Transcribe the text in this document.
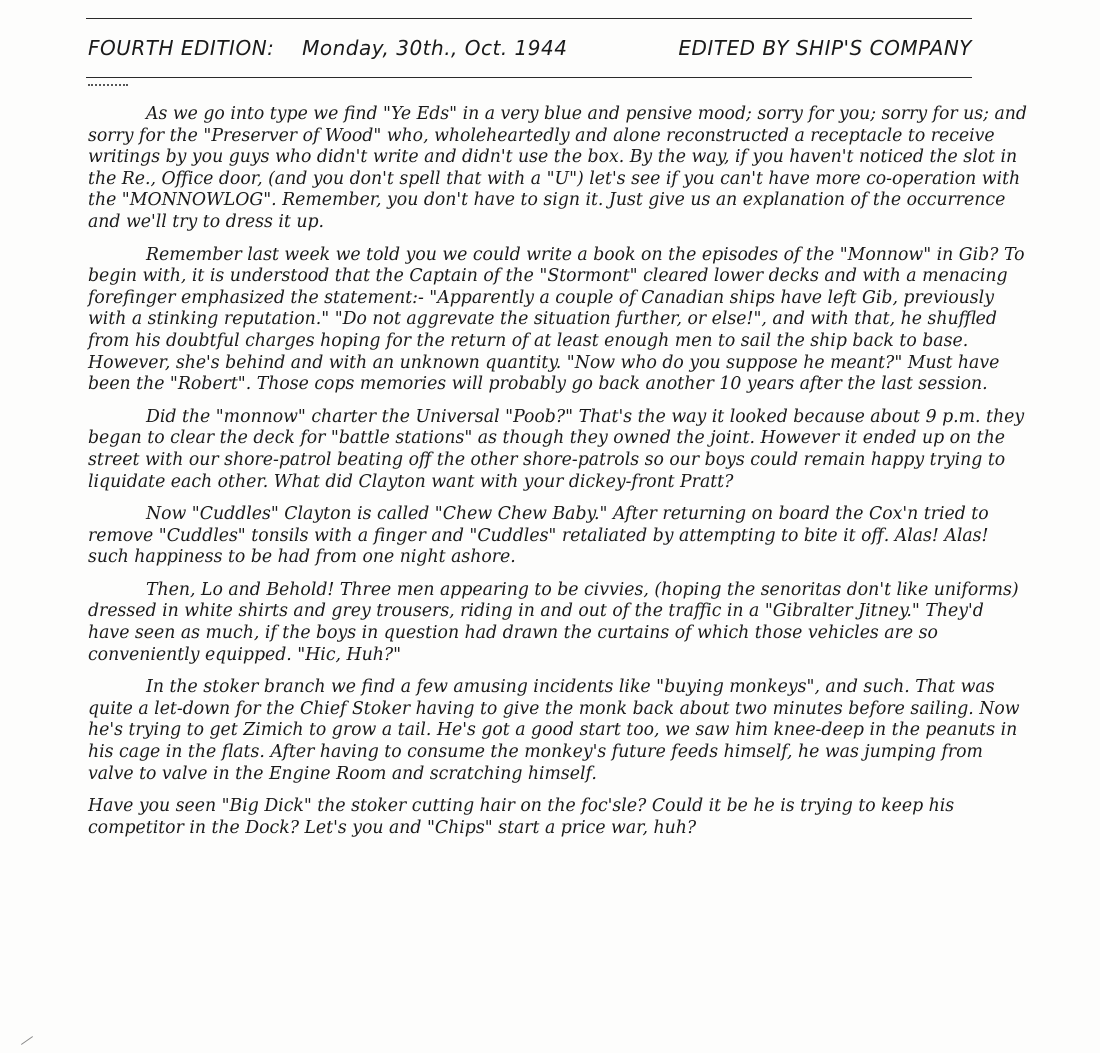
FOURTH EDITION: Monday, 30th., Oct. 1944	EDITED BY SHIP'S COMPANY

As we go into type we find "Ye Eds" in a very blue and pensive mood; sorry for you; sorry for us; and sorry for the "Preserver of Wood" who, wholeheartedly and alone reconstructed a receptacle to receive writings by you guys who didn't write and didn't use the box. By the way, if you haven't noticed the slot in the Re., Office door, (and you don't spell that with a "U") let's see if you can't have more co-operation with the "MONNOWLOG". Remember, you don't have to sign it. Just give us an explanation of the occurrence and we'll try to dress it up.

Remember last week we told you we could write a book on the episodes of the "Monnow" in Gib? To begin with, it is understood that the Captain of the "Stormont" cleared lower decks and with a menacing forefinger emphasized the statement:- "Apparently a couple of Canadian ships have left Gib, previously with a stinking reputation." "Do not aggrevate the situation further, or else!", and with that, he shuffled from his doubtful charges hoping for the return of at least enough men to sail the ship back to base. However, she's behind and with an unknown quantity. "Now who do you suppose he meant?" Must have been the "Robert". Those cops memories will probably go back another 10 years after the last session.

Did the "monnow" charter the Universal "Poob?" That's the way it looked because about 9 p.m. they began to clear the deck for "battle stations" as though they owned the joint. However it ended up on the street with our shore-patrol beating off the other shore-patrols so our boys could remain happy trying to liquidate each other. What did Clayton want with your dickey-front Pratt?

Now "Cuddles" Clayton is called "Chew Chew Baby." After returning on board the Cox'n tried to remove "Cuddles" tonsils with a finger and "Cuddles" retaliated by attempting to bite it off. Alas! Alas! such happiness to be had from one night ashore.

Then, Lo and Behold! Three men appearing to be civvies, (hoping the senoritas don't like uniforms) dressed in white shirts and grey trousers, riding in and out of the traffic in a "Gibralter Jitney." They'd have seen as much, if the boys in question had drawn the curtains of which those vehicles are so conveniently equipped. "Hic, Huh?"

In the stoker branch we find a few amusing incidents like "buying monkeys", and such. That was quite a let-down for the Chief Stoker having to give the monk back about two minutes before sailing. Now he's trying to get Zimich to grow a tail. He's got a good start too, we saw him knee-deep in the peanuts in his cage in the flats. After having to consume the monkey's future feeds himself, he was jumping from valve to valve in the Engine Room and scratching himself.

Have you seen "Big Dick" the stoker cutting hair on the foc'sle? Could it be he is trying to keep his competitor in the Dock? Let's you and "Chips" start a price war, huh?
